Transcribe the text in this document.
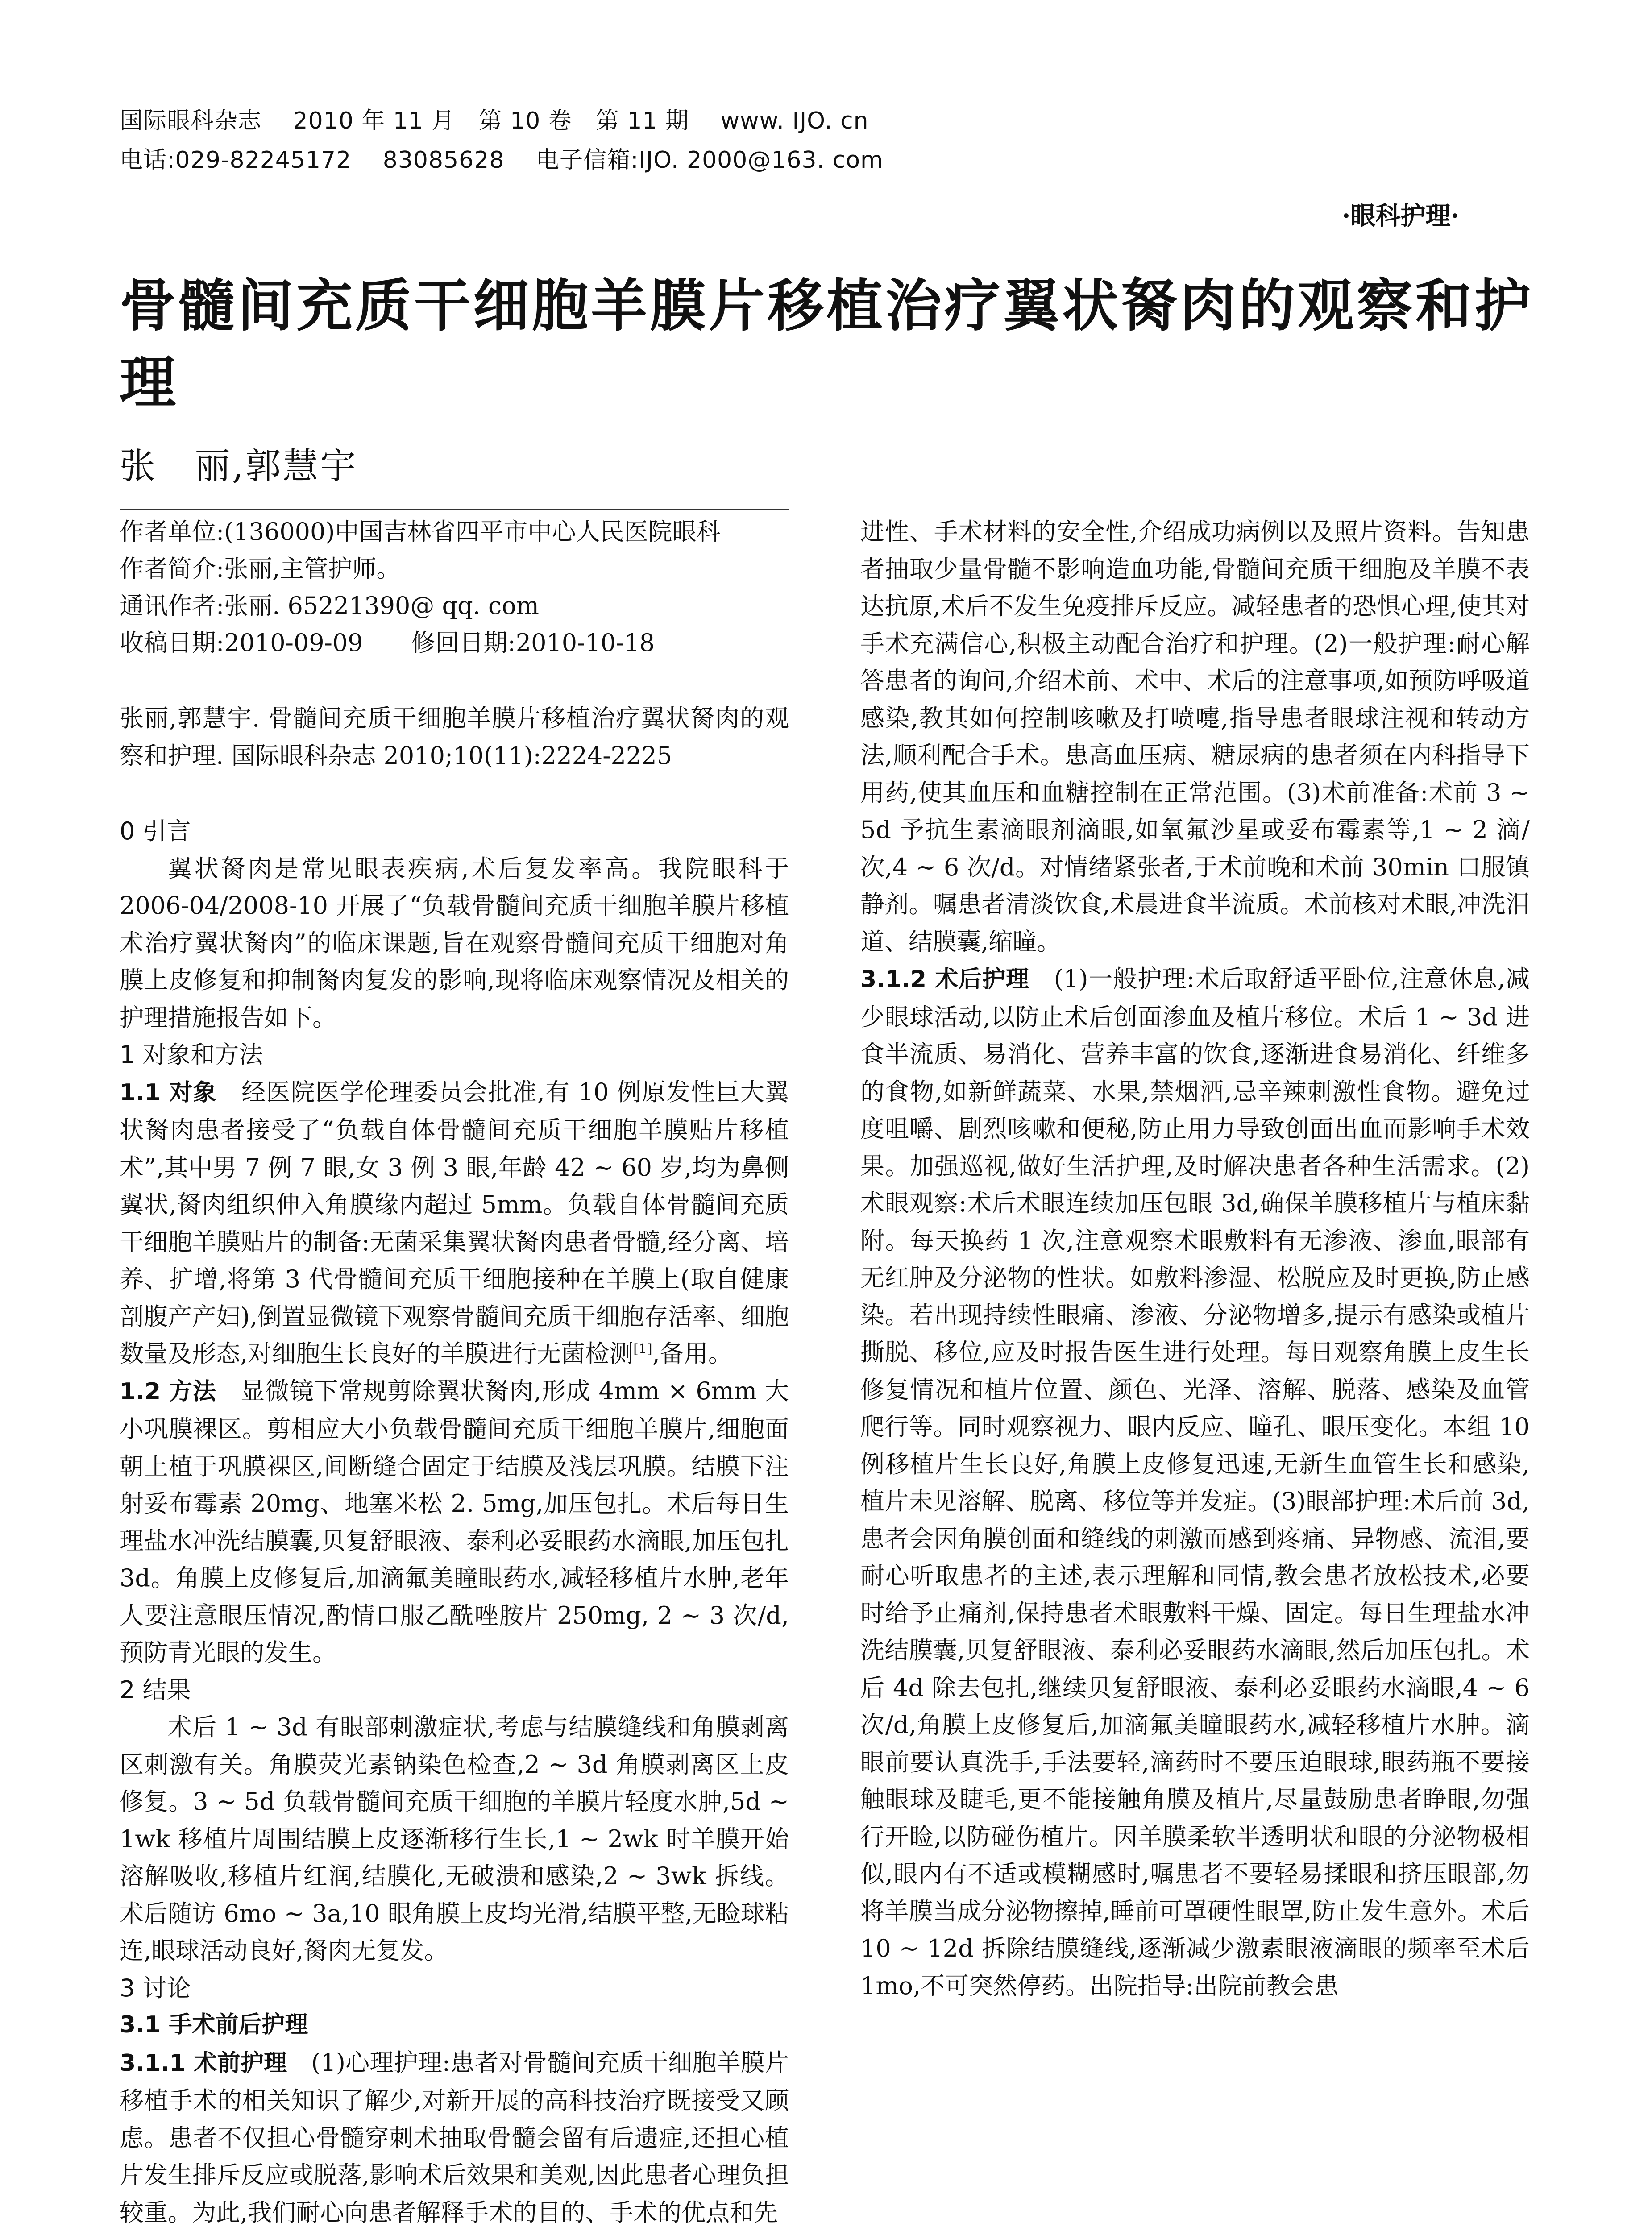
国际眼科杂志　 2010 年 11 月　第 10 卷　第 11 期　 www. IJO. cn
电话:029-82245172　 83085628　 电子信箱:IJO. 2000@163. com
·眼科护理·
骨髓间充质干细胞羊膜片移植治疗翼状胬肉的观察和护理
张　丽,郭慧宇

作者单位:(136000)中国吉林省四平市中心人民医院眼科

作者简介:张丽,主管护师。

通讯作者:张丽. 65221390@ qq. com

收稿日期:2010-09-09　　修回日期:2010-10-18

张丽,郭慧宇. 骨髓间充质干细胞羊膜片移植治疗翼状胬肉的观察和护理. 国际眼科杂志 2010;10(11):2224-2225

0 引言

翼状胬肉是常见眼表疾病,术后复发率高。我院眼科于 2006-04/2008-10 开展了“负载骨髓间充质干细胞羊膜片移植术治疗翼状胬肉”的临床课题,旨在观察骨髓间充质干细胞对角膜上皮修复和抑制胬肉复发的影响,现将临床观察情况及相关的护理措施报告如下。

1 对象和方法

1.1 对象　 经医院医学伦理委员会批准,有 10 例原发性巨大翼状胬肉患者接受了“负载自体骨髓间充质干细胞羊膜贴片移植术”,其中男 7 例 7 眼,女 3 例 3 眼,年龄 42 ~ 60 岁,均为鼻侧翼状,胬肉组织伸入角膜缘内超过 5mm。负载自体骨髓间充质干细胞羊膜贴片的制备:无菌采集翼状胬肉患者骨髓,经分离、培养、扩增,将第 3 代骨髓间充质干细胞接种在羊膜上(取自健康剖腹产产妇),倒置显微镜下观察骨髓间充质干细胞存活率、细胞数量及形态,对细胞生长良好的羊膜进行无菌检测[1],备用。

1.2 方法　 显微镜下常规剪除翼状胬肉,形成 4mm × 6mm 大小巩膜裸区。剪相应大小负载骨髓间充质干细胞羊膜片,细胞面朝上植于巩膜裸区,间断缝合固定于结膜及浅层巩膜。结膜下注射妥布霉素 20mg、地塞米松 2. 5mg,加压包扎。术后每日生理盐水冲洗结膜囊,贝复舒眼液、泰利必妥眼药水滴眼,加压包扎 3d。角膜上皮修复后,加滴氟美瞳眼药水,减轻移植片水肿,老年人要注意眼压情况,酌情口服乙酰唑胺片 250mg, 2 ~ 3 次/d,预防青光眼的发生。

2 结果

术后 1 ~ 3d 有眼部刺激症状,考虑与结膜缝线和角膜剥离区刺激有关。角膜荧光素钠染色检查,2 ~ 3d 角膜剥离区上皮修复。3 ~ 5d 负载骨髓间充质干细胞的羊膜片轻度水肿,5d ~ 1wk 移植片周围结膜上皮逐渐移行生长,1 ~ 2wk 时羊膜开始溶解吸收,移植片红润,结膜化,无破溃和感染,2 ~ 3wk 拆线。术后随访 6mo ~ 3a,10 眼角膜上皮均光滑,结膜平整,无睑球粘连,眼球活动良好,胬肉无复发。

3 讨论

3.1 手术前后护理

3.1.1 术前护理　 (1)心理护理:患者对骨髓间充质干细胞羊膜片移植手术的相关知识了解少,对新开展的高科技治疗既接受又顾虑。患者不仅担心骨髓穿刺术抽取骨髓会留有后遗症,还担心植片发生排斥反应或脱落,影响术后效果和美观,因此患者心理负担较重。为此,我们耐心向患者解释手术的目的、手术的优点和先

进性、手术材料的安全性,介绍成功病例以及照片资料。告知患者抽取少量骨髓不影响造血功能,骨髓间充质干细胞及羊膜不表达抗原,术后不发生免疫排斥反应。减轻患者的恐惧心理,使其对手术充满信心,积极主动配合治疗和护理。(2)一般护理:耐心解答患者的询问,介绍术前、术中、术后的注意事项,如预防呼吸道感染,教其如何控制咳嗽及打喷嚏,指导患者眼球注视和转动方法,顺利配合手术。患高血压病、糖尿病的患者须在内科指导下用药,使其血压和血糖控制在正常范围。(3)术前准备:术前 3 ~ 5d 予抗生素滴眼剂滴眼,如氧氟沙星或妥布霉素等,1 ~ 2 滴/次,4 ~ 6 次/d。对情绪紧张者,于术前晚和术前 30min 口服镇静剂。嘱患者清淡饮食,术晨进食半流质。术前核对术眼,冲洗泪道、结膜囊,缩瞳。

3.1.2 术后护理　 (1)一般护理:术后取舒适平卧位,注意休息,减少眼球活动,以防止术后创面渗血及植片移位。术后 1 ~ 3d 进食半流质、易消化、营养丰富的饮食,逐渐进食易消化、纤维多的食物,如新鲜蔬菜、水果,禁烟酒,忌辛辣刺激性食物。避免过度咀嚼、剧烈咳嗽和便秘,防止用力导致创面出血而影响手术效果。加强巡视,做好生活护理,及时解决患者各种生活需求。(2)术眼观察:术后术眼连续加压包眼 3d,确保羊膜移植片与植床黏附。每天换药 1 次,注意观察术眼敷料有无渗液、渗血,眼部有无红肿及分泌物的性状。如敷料渗湿、松脱应及时更换,防止感染。若出现持续性眼痛、渗液、分泌物增多,提示有感染或植片撕脱、移位,应及时报告医生进行处理。每日观察角膜上皮生长修复情况和植片位置、颜色、光泽、溶解、脱落、感染及血管爬行等。同时观察视力、眼内反应、瞳孔、眼压变化。本组 10 例移植片生长良好,角膜上皮修复迅速,无新生血管生长和感染,植片未见溶解、脱离、移位等并发症。(3)眼部护理:术后前 3d,患者会因角膜创面和缝线的刺激而感到疼痛、异物感、流泪,要耐心听取患者的主述,表示理解和同情,教会患者放松技术,必要时给予止痛剂,保持患者术眼敷料干燥、固定。每日生理盐水冲洗结膜囊,贝复舒眼液、泰利必妥眼药水滴眼,然后加压包扎。术后 4d 除去包扎,继续贝复舒眼液、泰利必妥眼药水滴眼,4 ~ 6 次/d,角膜上皮修复后,加滴氟美瞳眼药水,减轻移植片水肿。滴眼前要认真洗手,手法要轻,滴药时不要压迫眼球,眼药瓶不要接触眼球及睫毛,更不能接触角膜及植片,尽量鼓励患者睁眼,勿强行开睑,以防碰伤植片。因羊膜柔软半透明状和眼的分泌物极相似,眼内有不适或模糊感时,嘱患者不要轻易揉眼和挤压眼部,勿将羊膜当成分泌物擦掉,睡前可罩硬性眼罩,防止发生意外。术后 10 ~ 12d 拆除结膜缝线,逐渐减少激素眼液滴眼的频率至术后 1mo,不可突然停药。出院指导:出院前教会患
